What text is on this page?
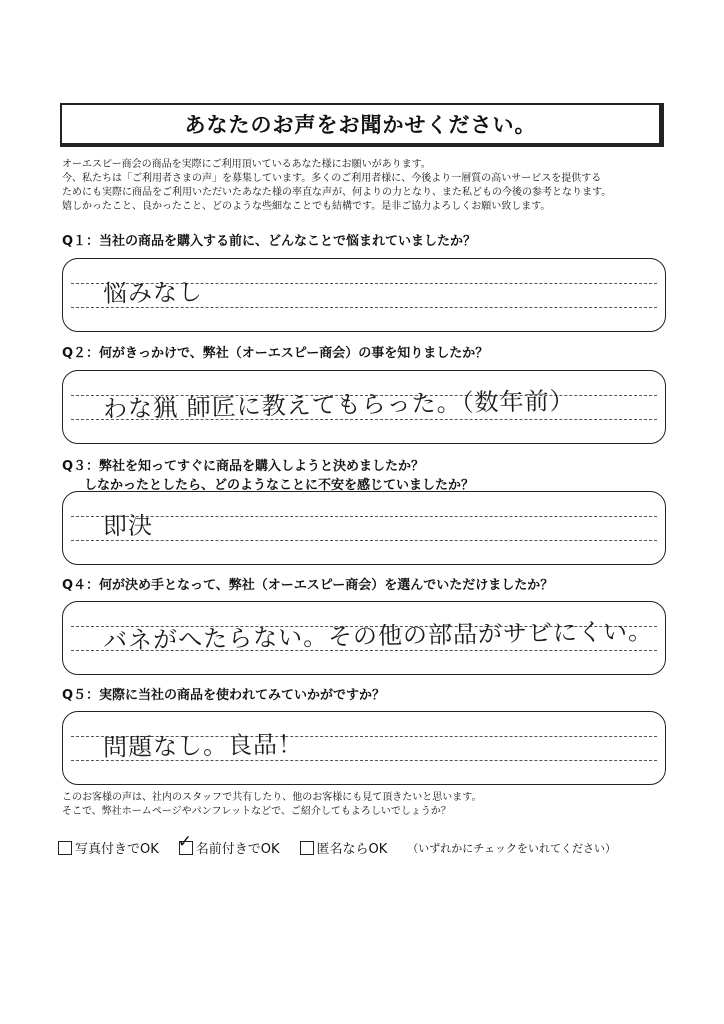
あなたのお声をお聞かせください。
オーエスピー商会の商品を実際にご利用頂いているあなた様にお願いがあります。
今、私たちは「ご利用者さまの声」を募集しています。多くのご利用者様に、今後より一層質の高いサービスを提供する
ためにも実際に商品をご利用いただいたあなた様の率直な声が、何よりの力となり、また私どもの今後の参考となります。
嬉しかったこと、良かったこと、どのような些細なことでも結構です。是非ご協力よろしくお願い致します。
Q１：当社の商品を購入する前に、どんなことで悩まれていましたか？
悩みなし
Q２：何がきっかけで、弊社（オーエスピー商会）の事を知りましたか？
わな猟 師匠に教えてもらった。（数年前）
Q３：弊社を知ってすぐに商品を購入しようと決めましたか？
しなかったとしたら、どのようなことに不安を感じていましたか？
即決
Q４：何が決め手となって、弊社（オーエスピー商会）を選んでいただけましたか？
バネがへたらない。その他の部品がサビにくい。
Q５：実際に当社の商品を使われてみていかがですか？
問題なし。良品！
このお客様の声は、社内のスタッフで共有したり、他のお客様にも見て頂きたいと思います。
そこで、弊社ホームページやパンフレットなどで、ご紹介してもよろしいでしょうか？
写真付きでOK ✓ 名前付きでOK	匿名ならOK （いずれかにチェックをいれてください）
